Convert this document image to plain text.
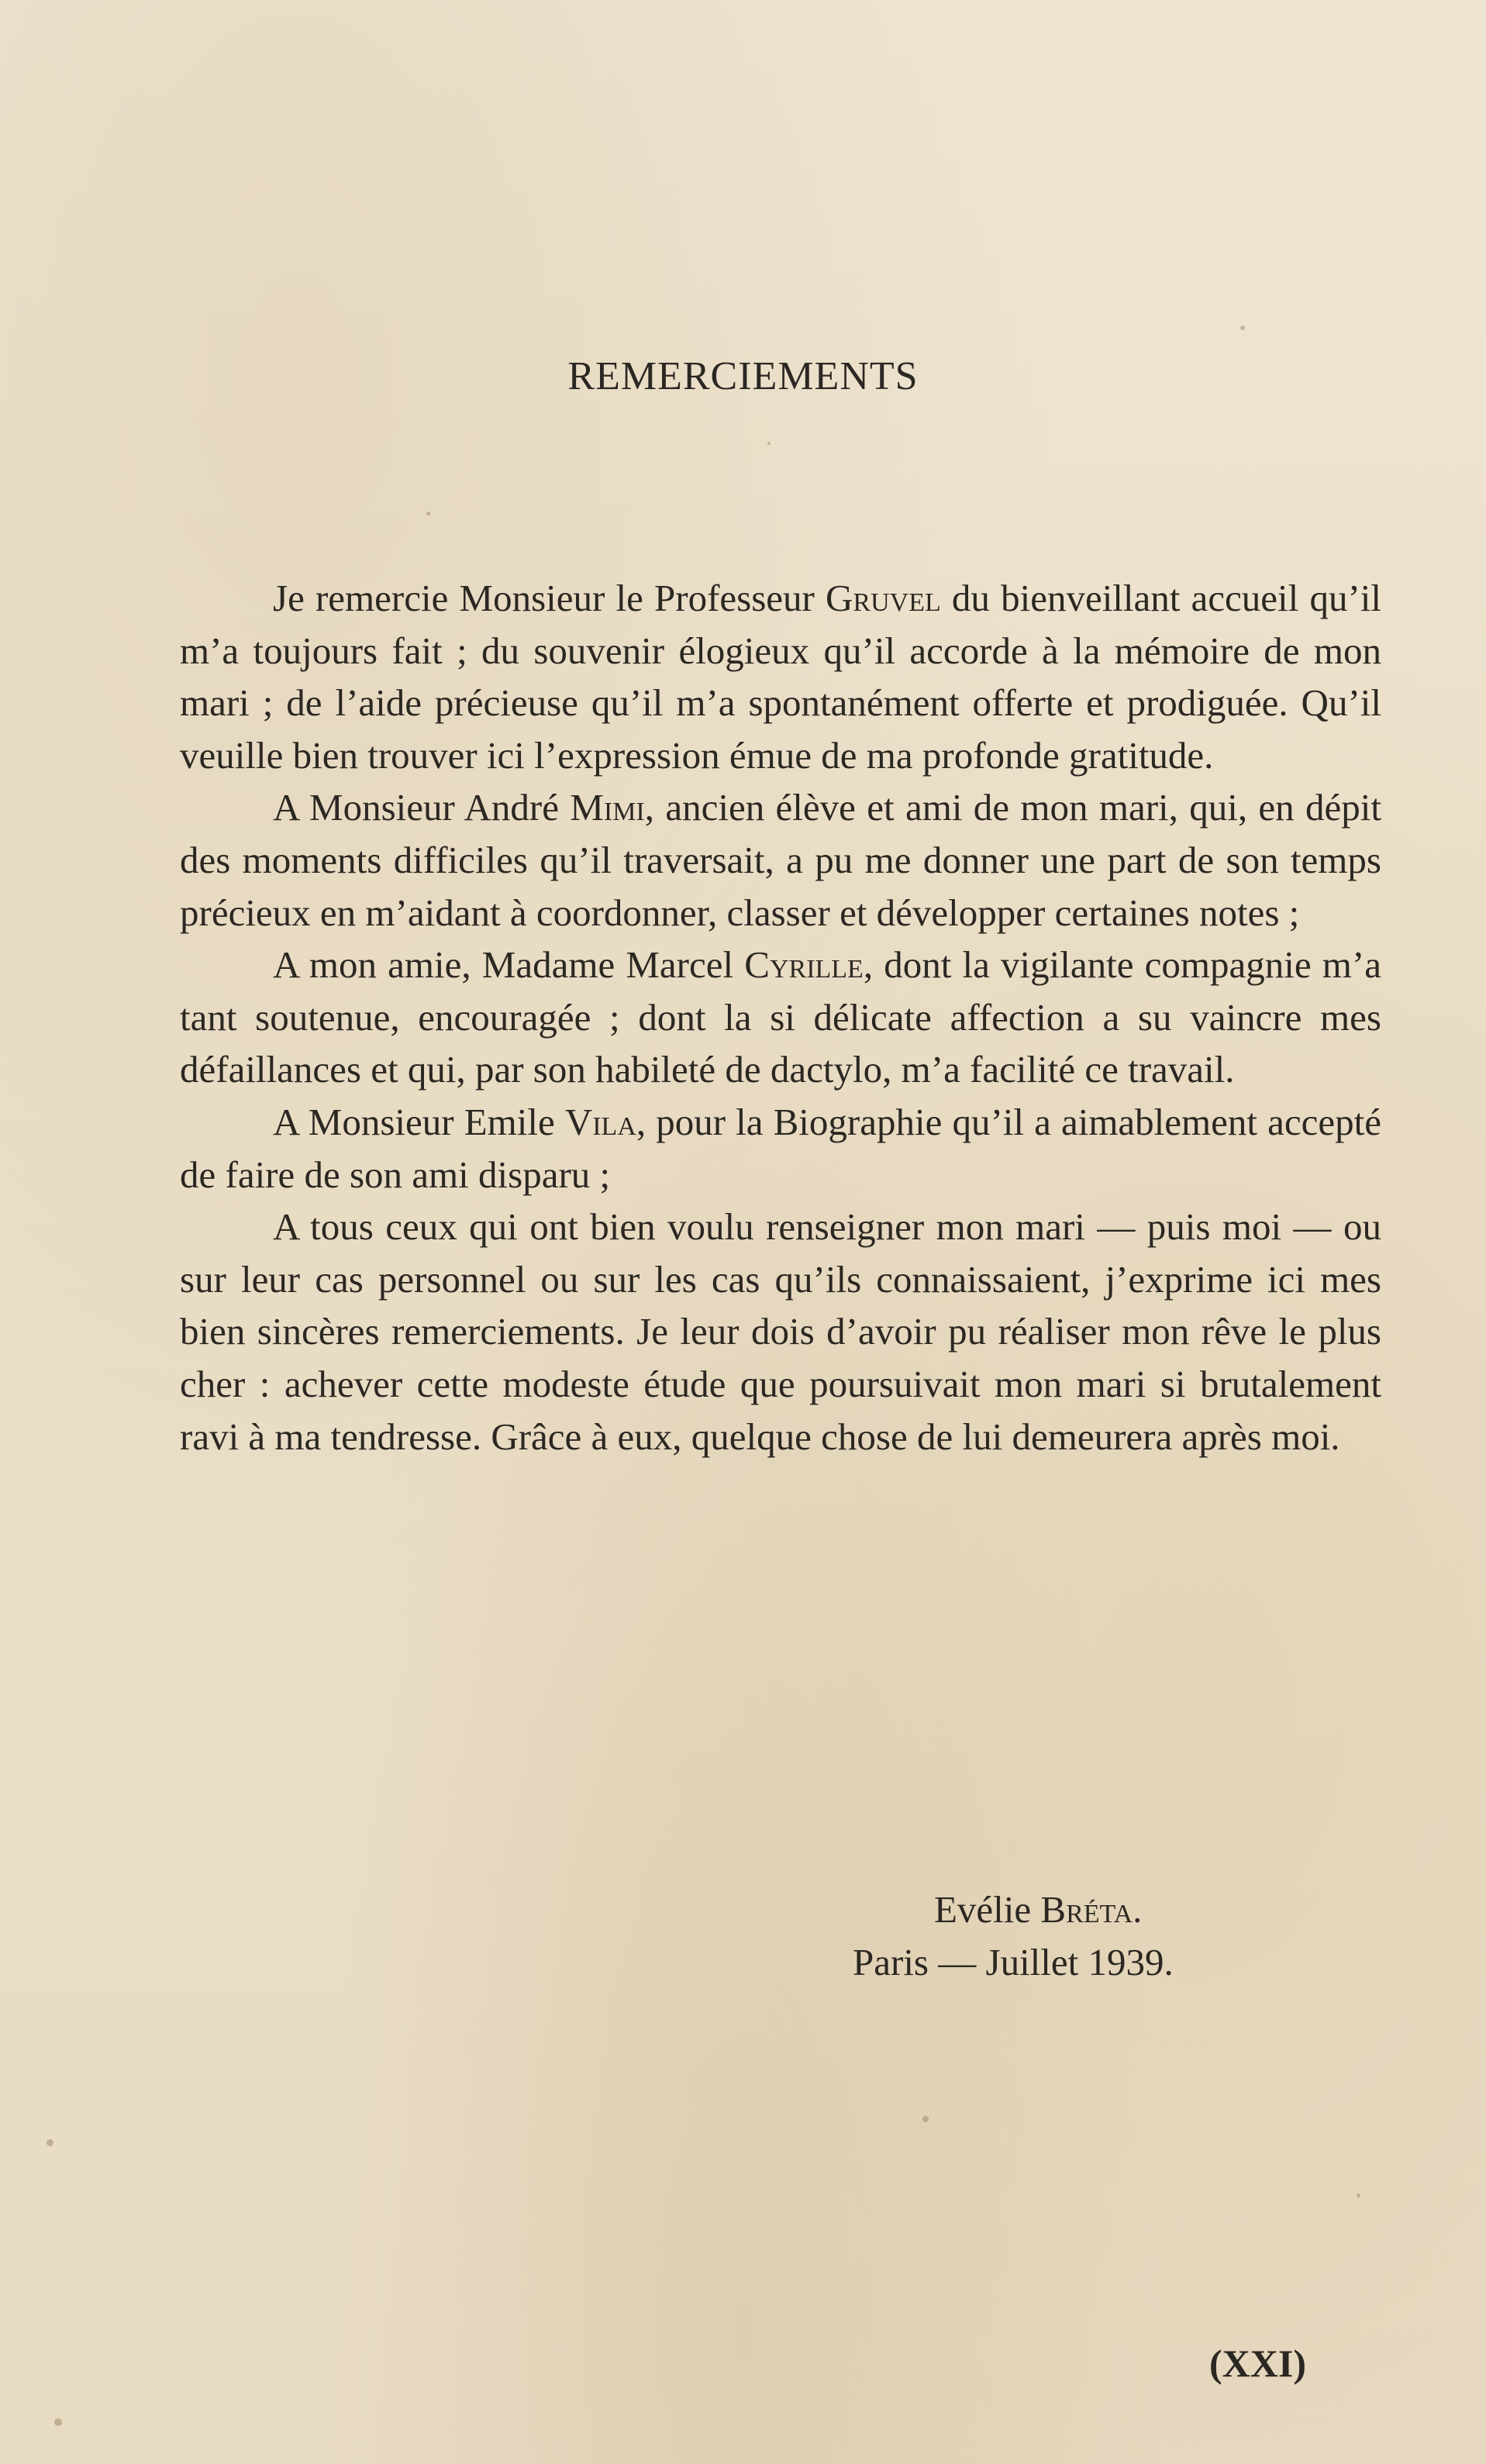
REMERCIEMENTS

Je remercie Monsieur le Professeur Gruvel du bienveillant accueil qu’il m’a toujours fait ; du souvenir élogieux qu’il accorde à la mémoire de mon mari ; de l’aide précieuse qu’il m’a spontanément offerte et prodiguée. Qu’il veuille bien trouver ici l’expression émue de ma profonde gratitude.

A Monsieur André Mimi, ancien élève et ami de mon mari, qui, en dépit des moments difficiles qu’il traversait, a pu me donner une part de son temps précieux en m’aidant à coordonner, classer et développer certaines notes ;

A mon amie, Madame Marcel Cyrille, dont la vigilante compagnie m’a tant soutenue, encouragée ; dont la si délicate affection a su vaincre mes défaillances et qui, par son habileté de dactylo, m’a facilité ce travail.

A Monsieur Emile Vila, pour la Biographie qu’il a aimablement accepté de faire de son ami disparu ;

A tous ceux qui ont bien voulu renseigner mon mari — puis moi — ou sur leur cas personnel ou sur les cas qu’ils connaissaient, j’exprime ici mes bien sincères remerciements. Je leur dois d’avoir pu réaliser mon rêve le plus cher : achever cette modeste étude que poursuivait mon mari si brutalement ravi à ma tendresse. Grâce à eux, quelque chose de lui demeurera après moi.

Evélie Bréta.
Paris — Juillet 1939.
(XXI)
